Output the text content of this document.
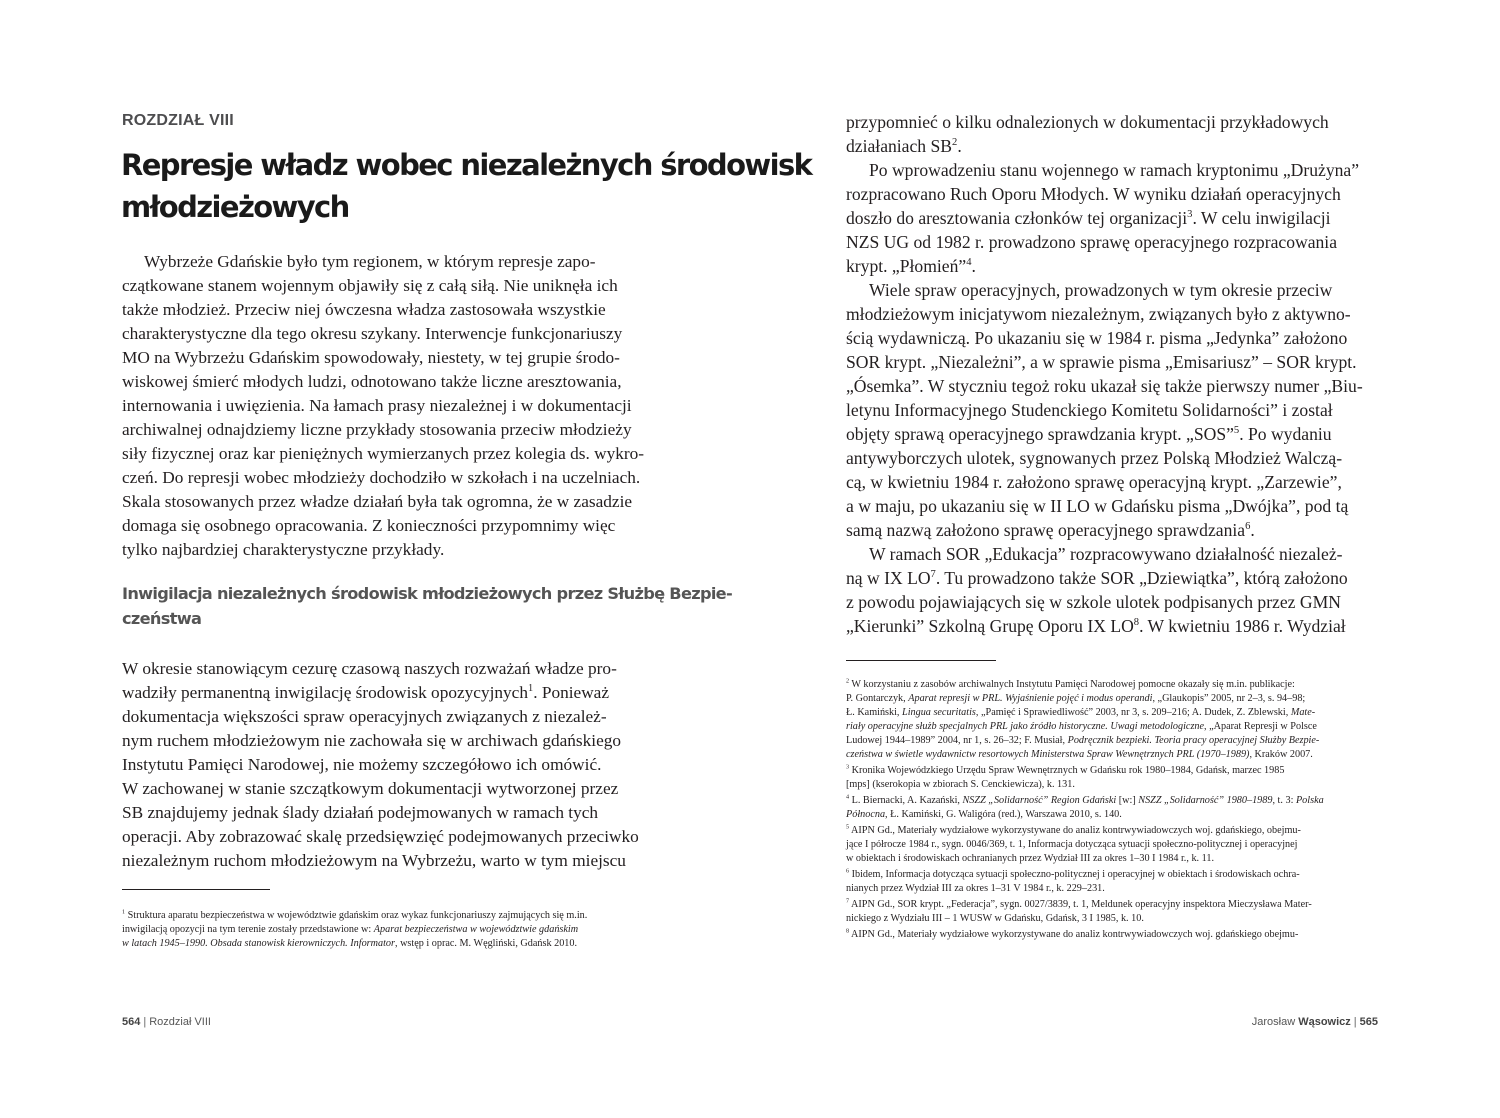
ROZDZIAŁ VIII
Represje władz wobec niezależnych środowisk
młodzieżowych
Wybrzeże Gdańskie było tym regionem, w którym represje zapo-
czątkowane stanem wojennym objawiły się z całą siłą. Nie uniknęła ich
także młodzież. Przeciw niej ówczesna władza zastosowała wszystkie
charakterystyczne dla tego okresu szykany. Interwencje funkcjonariuszy
MO na Wybrzeżu Gdańskim spowodowały, niestety, w tej grupie środo-
wiskowej śmierć młodych ludzi, odnotowano także liczne aresztowania,
internowania i uwięzienia. Na łamach prasy niezależnej i w dokumentacji
archiwalnej odnajdziemy liczne przykłady stosowania przeciw młodzieży
siły fizycznej oraz kar pieniężnych wymierzanych przez kolegia ds. wykro-
czeń. Do represji wobec młodzieży dochodziło w szkołach i na uczelniach.
Skala stosowanych przez władze działań była tak ogromna, że w zasadzie
domaga się osobnego opracowania. Z konieczności przypomnimy więc
tylko najbardziej charakterystyczne przykłady.
Inwigilacja niezależnych środowisk młodzieżowych przez Służbę Bezpie-
czeństwa
W okresie stanowiącym cezurę czasową naszych rozważań władze pro-
wadziły permanentną inwigilację środowisk opozycyjnych$^1$. Ponieważ
dokumentacja większości spraw operacyjnych związanych z niezależ-
nym ruchem młodzieżowym nie zachowała się w archiwach gdańskiego
Instytutu Pamięci Narodowej, nie możemy szczegółowo ich omówić.
W zachowanej w stanie szczątkowym dokumentacji wytworzonej przez
SB znajdujemy jednak ślady działań podejmowanych w ramach tych
operacji. Aby zobrazować skalę przedsięwzięć podejmowanych przeciwko
niezależnym ruchom młodzieżowym na Wybrzeżu, warto w tym miejscu
$^1$ Struktura aparatu bezpieczeństwa w województwie gdańskim oraz wykaz funkcjonariuszy zajmujących się m.in.
inwigilacją opozycji na tym terenie zostały przedstawione w: Aparat bezpieczeństwa w województwie gdańskim
w latach 1945–1990. Obsada stanowisk kierowniczych. Informator, wstęp i oprac. M. Węgliński, Gdańsk 2010.
564 | Rozdział VIII
przypomnieć o kilku odnalezionych w dokumentacji przykładowych
działaniach $SB^2$.
Po wprowadzeniu stanu wojennego w ramach kryptonimu „Drużyna”
rozpracowano Ruch Oporu Młodych. W wyniku działań operacyjnych
doszło do aresztowania członków tej organizacji$^3$. W celu inwigilacji
NZS UG od 1982 r. prowadzono sprawę operacyjnego rozpracowania
krypt. „Płomień”$^4$.
Wiele spraw operacyjnych, prowadzonych w tym okresie przeciw
młodzieżowym inicjatywom niezależnym, związanych było z aktywno-
ścią wydawniczą. Po ukazaniu się w 1984 r. pisma „Jedynka” założono
SOR krypt. „Niezależni”, a w sprawie pisma „Emisariusz” – SOR krypt.
„Ósemka”. W styczniu tegoż roku ukazał się także pierwszy numer „Biu-
letynu Informacyjnego Studenckiego Komitetu Solidarności” i został
objęty sprawą operacyjnego sprawdzania krypt. „SOS”$^5$. Po wydaniu
antywyborczych ulotek, sygnowanych przez Polską Młodzież Walczą-
cą, w kwietniu 1984 r. założono sprawę operacyjną krypt. „Zarzewie”,
a w maju, po ukazaniu się w II LO w Gdańsku pisma „Dwójka”, pod tą
samą nazwą założono sprawę operacyjnego sprawdzania$^6$.
W ramach SOR „Edukacja” rozpracowywano działalność niezależ-
ną w IX $LO^7$. Tu prowadzono także SOR „Dziewiątka”, którą założono
z powodu pojawiających się w szkole ulotek podpisanych przez GMN
„Kierunki” Szkolną Grupę Oporu IX $LO^8$. W kwietniu 1986 r. Wydział
$^2$ W korzystaniu z zasobów archiwalnych Instytutu Pamięci Narodowej pomocne okazały się m.in. publikacje:
P. Gontarczyk, Aparat represji w PRL. Wyjaśnienie pojęć i modus operandi, „Glaukopis” 2005, nr 2–3, s. 94–98;
Ł. Kamiński, Lingua securitatis, „Pamięć i Sprawiedliwość” 2003, nr 3, s. 209–216; A. Dudek, Z. Zblewski, Mate-
riały operacyjne służb specjalnych PRL jako źródło historyczne. Uwagi metodologiczne, „Aparat Represji w Polsce
Ludowej 1944–1989” 2004, nr 1, s. 26–32; F. Musiał, Podręcznik bezpieki. Teoria pracy operacyjnej Służby Bezpie-
czeństwa w świetle wydawnictw resortowych Ministerstwa Spraw Wewnętrznych PRL (1970–1989), Kraków 2007.
$^3$ Kronika Wojewódzkiego Urzędu Spraw Wewnętrznych w Gdańsku rok 1980–1984, Gdańsk, marzec 1985
[mps] (kserokopia w zbiorach S. Cenckiewicza), k. 131.
$^4$ L. Biernacki, A. Kazański, NSZZ „Solidarność” Region Gdański [w:] NSZZ „Solidarność” 1980–1989, t. 3: Polska
Północna, Ł. Kamiński, G. Waligóra (red.), Warszawa 2010, s. 140.
$^5$ AIPN Gd., Materiały wydziałowe wykorzystywane do analiz kontrwywiadowczych woj. gdańskiego, obejmu-
jące I półrocze 1984 r., sygn. 0046/369, t. 1, Informacja dotycząca sytuacji społeczno-politycznej i operacyjnej
w obiektach i środowiskach ochranianych przez Wydział III za okres 1–30 I 1984 r., k. 11.
$^6$ Ibidem, Informacja dotycząca sytuacji społeczno-politycznej i operacyjnej w obiektach i środowiskach ochra-
nianych przez Wydział III za okres 1–31 V 1984 r., k. 229–231.
$^7$ AIPN Gd., SOR krypt. „Federacja”, sygn. 0027/3839, t. 1, Meldunek operacyjny inspektora Mieczysława Mater-
nickiego z Wydziału III – 1 WUSW w Gdańsku, Gdańsk, 3 I 1985, k. 10.
$^8$ AIPN Gd., Materiały wydziałowe wykorzystywane do analiz kontrwywiadowczych woj. gdańskiego obejmu-
Jarosław Wąsowicz | 565
